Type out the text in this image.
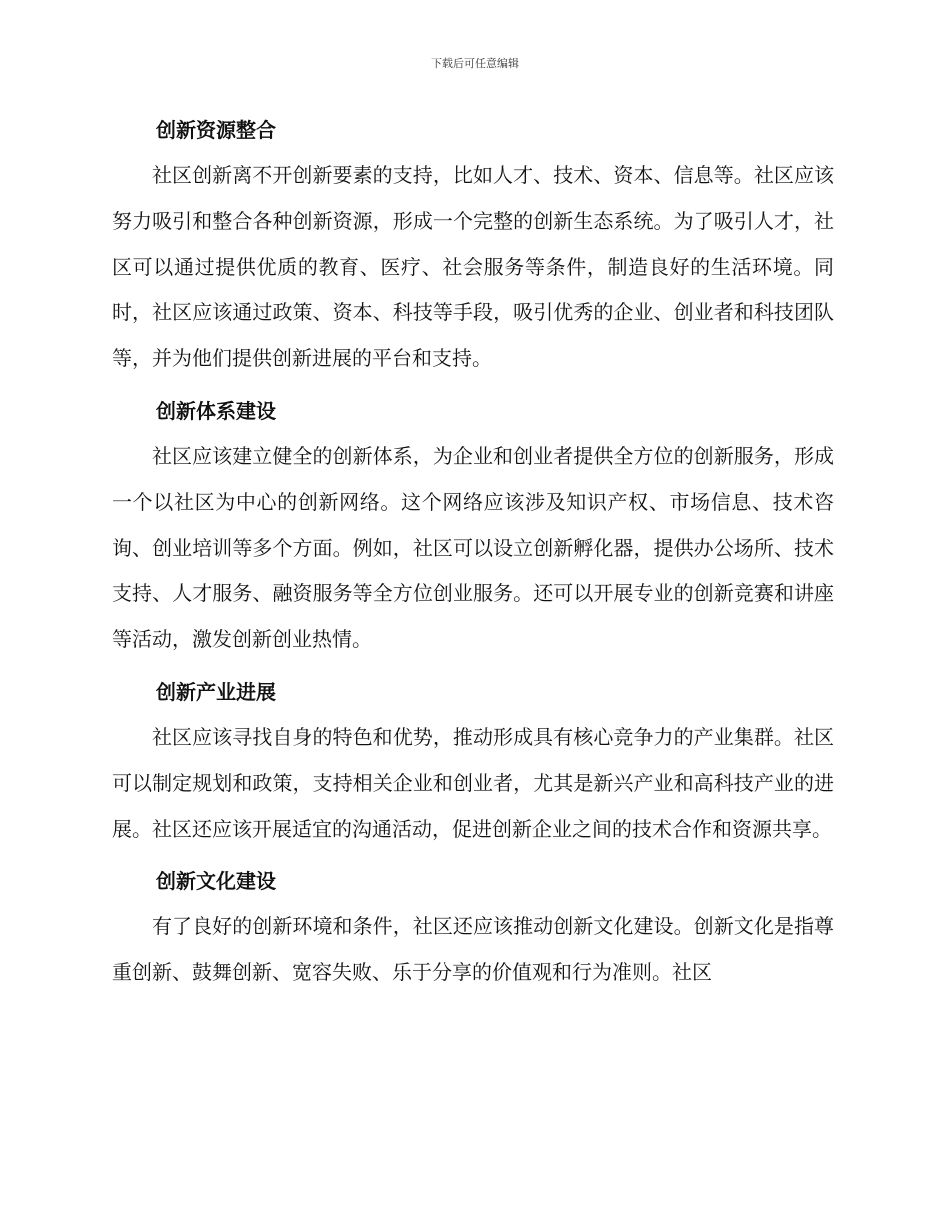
下载后可任意编辑
创新资源整合

社区创新离不开创新要素的支持，比如人才、技术、资本、信息等。社区应该努力吸引和整合各种创新资源，形成一个完整的创新生态系统。为了吸引人才，社区可以通过提供优质的教育、医疗、社会服务等条件，制造良好的生活环境。同时，社区应该通过政策、资本、科技等手段，吸引优秀的企业、创业者和科技团队等，并为他们提供创新进展的平台和支持。

创新体系建设

社区应该建立健全的创新体系，为企业和创业者提供全方位的创新服务，形成一个以社区为中心的创新网络。这个网络应该涉及知识产权、市场信息、技术咨询、创业培训等多个方面。例如，社区可以设立创新孵化器，提供办公场所、技术支持、人才服务、融资服务等全方位创业服务。还可以开展专业的创新竞赛和讲座等活动，激发创新创业热情。

创新产业进展

社区应该寻找自身的特色和优势，推动形成具有核心竞争力的产业集群。社区可以制定规划和政策，支持相关企业和创业者，尤其是新兴产业和高科技产业的进展。社区还应该开展适宜的沟通活动，促进创新企业之间的技术合作和资源共享。

创新文化建设

有了良好的创新环境和条件，社区还应该推动创新文化建设。创新文化是指尊重创新、鼓舞创新、宽容失败、乐于分享的价值观和行为准则。社区
